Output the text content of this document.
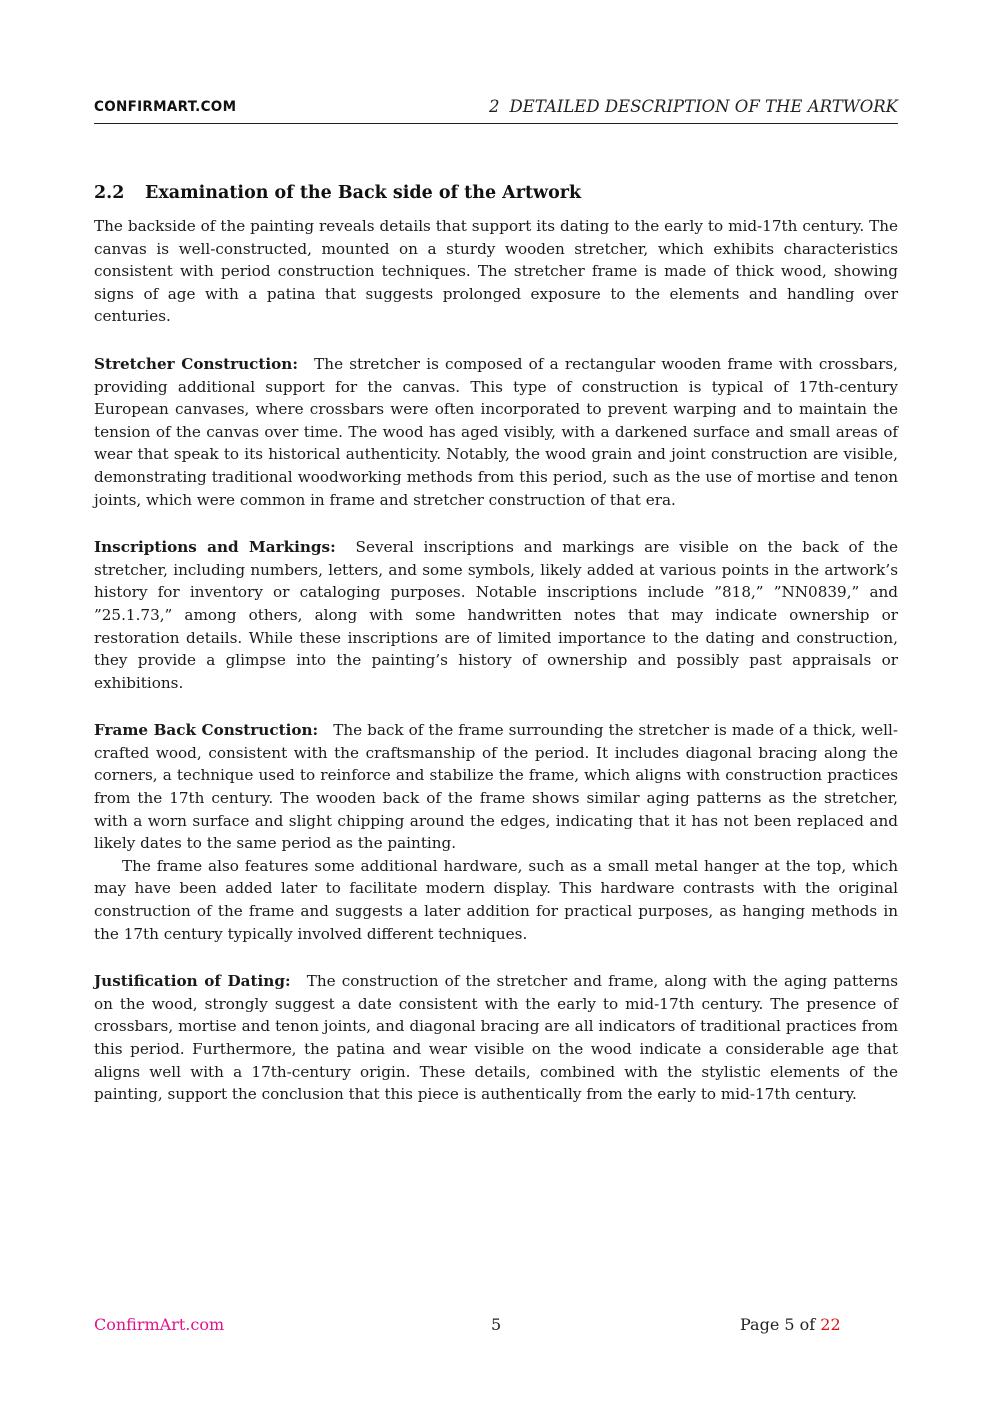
CONFIRMART.COM	2 DETAILED DESCRIPTION OF THE ARTWORK
2.2 Examination of the Back side of the Artwork

The backside of the painting reveals details that support its dating to the early to mid-17th century. The canvas is well-constructed, mounted on a sturdy wooden stretcher, which exhibits characteristics consistent with period construction techniques. The stretcher frame is made of thick wood, showing signs of age with a patina that suggests prolonged exposure to the elements and handling over centuries.

Stretcher Construction: The stretcher is composed of a rectangular wooden frame with crossbars, providing additional support for the canvas. This type of construction is typical of 17th-century European canvases, where crossbars were often incorporated to prevent warping and to maintain the tension of the canvas over time. The wood has aged visibly, with a darkened surface and small areas of wear that speak to its historical authenticity. Notably, the wood grain and joint construction are visible, demonstrating traditional woodworking methods from this period, such as the use of mortise and tenon joints, which were common in frame and stretcher construction of that era.

Inscriptions and Markings: Several inscriptions and markings are visible on the back of the stretcher, including numbers, letters, and some symbols, likely added at various points in the artwork’s history for inventory or cataloging purposes. Notable inscriptions include ”818,” ”NN0839,” and ”25.1.73,” among others, along with some handwritten notes that may indicate ownership or restoration details. While these inscriptions are of limited importance to the dating and construction, they provide a glimpse into the painting’s history of ownership and possibly past appraisals or exhibitions.

Frame Back Construction: The back of the frame surrounding the stretcher is made of a thick, well-crafted wood, consistent with the craftsmanship of the period. It includes diagonal bracing along the corners, a technique used to reinforce and stabilize the frame, which aligns with construction practices from the 17th century. The wooden back of the frame shows similar aging patterns as the stretcher, with a worn surface and slight chipping around the edges, indicating that it has not been replaced and likely dates to the same period as the painting.

The frame also features some additional hardware, such as a small metal hanger at the top, which may have been added later to facilitate modern display. This hardware contrasts with the original construction of the frame and suggests a later addition for practical purposes, as hanging methods in the 17th century typically involved different techniques.

Justification of Dating: The construction of the stretcher and frame, along with the aging patterns on the wood, strongly suggest a date consistent with the early to mid-17th century. The presence of crossbars, mortise and tenon joints, and diagonal bracing are all indicators of traditional practices from this period. Furthermore, the patina and wear visible on the wood indicate a considerable age that aligns well with a 17th-century origin. These details, combined with the stylistic elements of the painting, support the conclusion that this piece is authentically from the early to mid-17th century.

ConfirmArt.com	5	Page 5 of 22
